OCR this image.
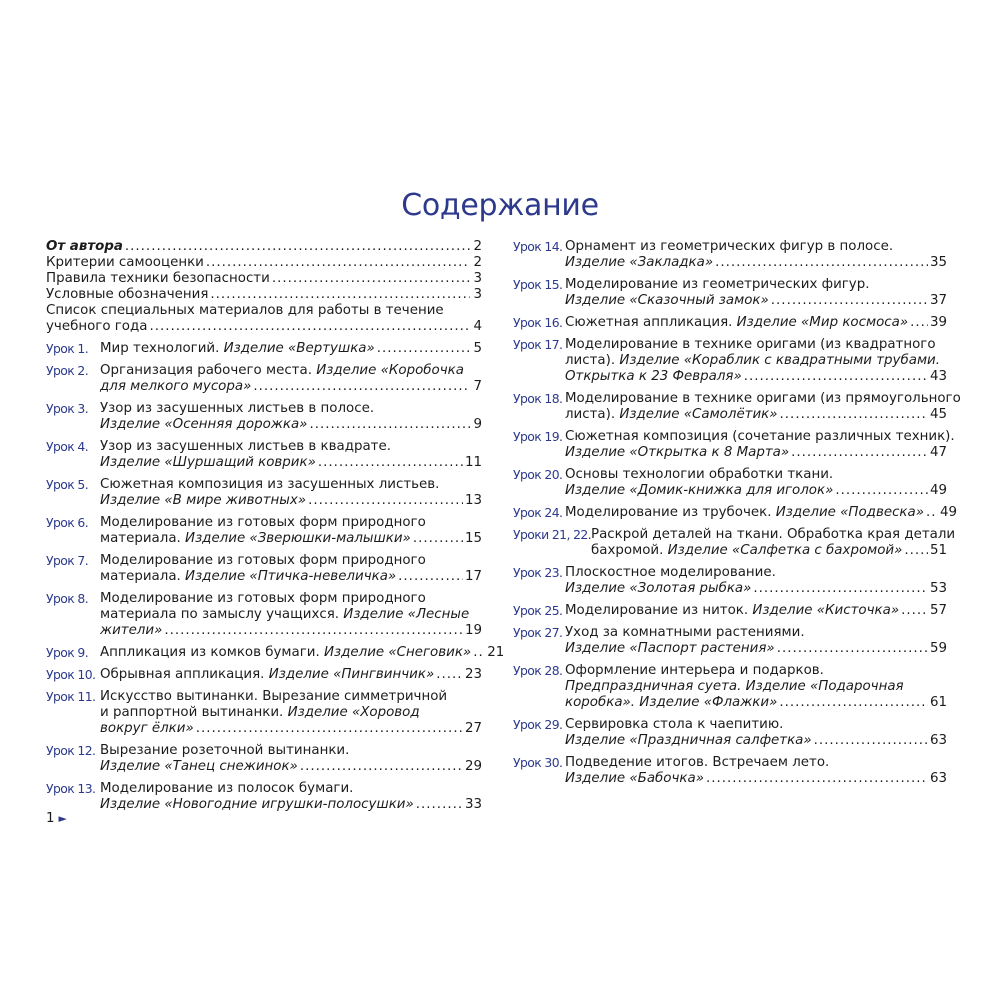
Содержание
От автора .....	2
Критерии самооценки .....	2
Правила техники безопасности .....	3
Условные обозначения .....	3
Список специальных материалов для работы в течение
учебного года .....	4
Урок 1. Мир технологий. Изделие «Вертушка» .....	5
Урок 2. Организация рабочего места. Изделие «Коробочка
для мелкого мусора» .....	7
Урок 3. Узор из засушенных листьев в полосе.
Изделие «Осенняя дорожка» .....	9
Урок 4. Узор из засушенных листьев в квадрате.
Изделие «Шуршащий коврик» .....	11
Урок 5. Сюжетная композиция из засушенных листьев.
Изделие «В мире животных» .....	13
Урок 6. Моделирование из готовых форм природного
материала. Изделие «Зверюшки-малышки» .....	15
Урок 7. Моделирование из готовых форм природного
материала. Изделие «Птичка-невеличка» .....	17
Урок 8. Моделирование из готовых форм природного
материала по замыслу учащихся. Изделие «Лесные
жители» .....	19
Урок 9. Аппликация из комков бумаги. Изделие «Снеговик» ..... 21
Урок 10. Обрывная аппликация. Изделие «Пингвинчик» ..... 23
Урок 11. Искусство вытинанки. Вырезание симметричной
и раппортной вытинанки. Изделие «Хоровод
вокруг ёлки» .....	27
Урок 12. Вырезание розеточной вытинанки.
Изделие «Танец снежинок» .....	29
Урок 13. Моделирование из полосок бумаги.
Изделие «Новогодние игрушки-полосушки» .....	33
Урок 14. Орнамент из геометрических фигур в полосе.
Изделие «Закладка» .....	35
Урок 15. Моделирование из геометрических фигур.
Изделие «Сказочный замок» .....	37
Урок 16. Сюжетная аппликация. Изделие «Мир космоса» ..... 39
Урок 17. Моделирование в технике оригами (из квадратного
листа). Изделие «Кораблик с квадратными трубами.
Открытка к 23 Февраля» .....	43
Урок 18. Моделирование в технике оригами (из прямоугольного
листа). Изделие «Самолётик» .....	45
Урок 19. Сюжетная композиция (сочетание различных техник).
Изделие «Открытка к 8 Марта» .....	47
Урок 20. Основы технологии обработки ткани.
Изделие «Домик-книжка для иголок» .....	49
Урок 24. Моделирование из трубочек. Изделие «Подвеска» ..... 49
Уроки 21, 22. Раскрой деталей на ткани. Обработка края детали
бахромой. Изделие «Салфетка с бахромой» ..... 51
Урок 23. Плоскостное моделирование.
Изделие «Золотая рыбка» .....	53
Урок 25. Моделирование из ниток. Изделие «Кисточка» ..... 57
Урок 27. Уход за комнатными растениями.
Изделие «Паспорт растения» .....	59
Урок 28. Оформление интерьера и подарков.
Предпраздничная суета. Изделие «Подарочная
коробка». Изделие «Флажки» .....	61
Урок 29. Сервировка стола к чаепитию.
Изделие «Праздничная салфетка» .....	63
Урок 30. Подведение итогов. Встречаем лето.
Изделие «Бабочка» .....	63
1 ►
